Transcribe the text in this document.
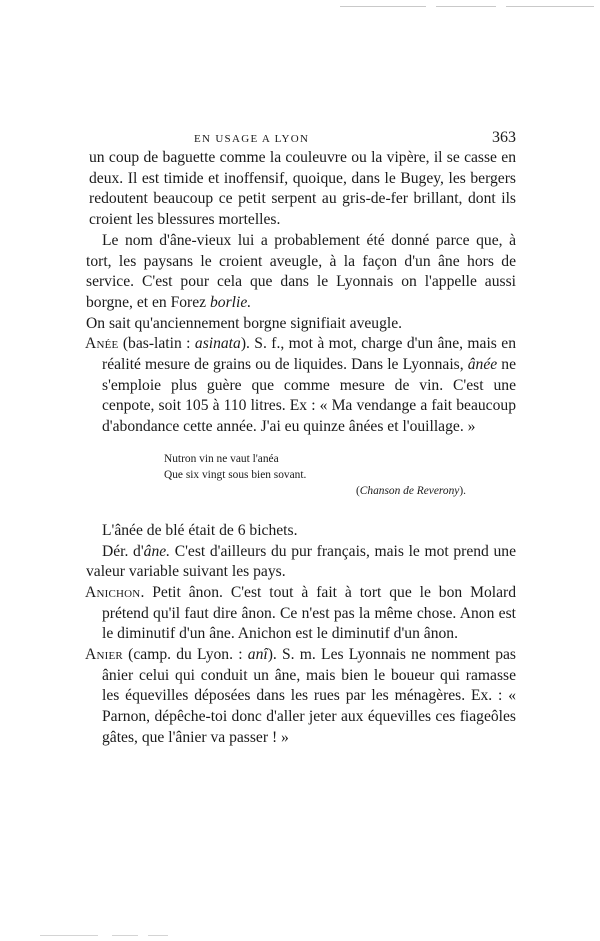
EN USAGE A LYON	363

un coup de baguette comme la couleuvre ou la vipère, il se casse en deux. Il est timide et inoffensif, quoique, dans le Bugey, les bergers redoutent beaucoup ce petit serpent au gris-de-fer brillant, dont ils croient les blessures mortelles.

Le nom d'âne-vieux lui a probablement été donné parce que, à tort, les paysans le croient aveugle, à la façon d'un âne hors de service. C'est pour cela que dans le Lyonnais on l'appelle aussi borgne, et en Forez borlie.

On sait qu'anciennement borgne signifiait aveugle.

Anée (bas-latin : asinata). S. f., mot à mot, charge d'un âne, mais en réalité mesure de grains ou de liquides. Dans le Lyonnais, ânée ne s'emploie plus guère que comme mesure de vin. C'est une cenpote, soit 105 à 110 litres. Ex : « Ma vendange a fait beaucoup d'abondance cette année. J'ai eu quinze ânées et l'ouillage. »

Nutron vin ne vaut l'anéa
Que six vingt sous bien sovant.
(Chanson de Reverony).

L'ânée de blé était de 6 bichets.

Dér. d'âne. C'est d'ailleurs du pur français, mais le mot prend une valeur variable suivant les pays.

Anichon. Petit ânon. C'est tout à fait à tort que le bon Molard prétend qu'il faut dire ânon. Ce n'est pas la même chose. Anon est le diminutif d'un âne. Anichon est le diminutif d'un ânon.

Anier (camp. du Lyon. : anî). S. m. Les Lyonnais ne nomment pas ânier celui qui conduit un âne, mais bien le boueur qui ramasse les équevilles déposées dans les rues par les ménagères. Ex. : « Parnon, dépêche-toi donc d'aller jeter aux équevilles ces fiageôles gâtes, que l'ânier va passer ! »
